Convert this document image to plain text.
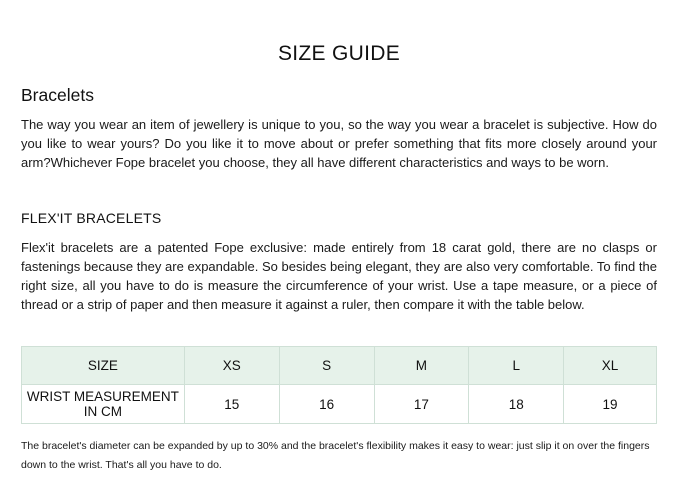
SIZE GUIDE
Bracelets
The way you wear an item of jewellery is unique to you, so the way you wear a bracelet is subjective. How do you like to wear yours? Do you like it to move about or prefer something that fits more closely around your arm?Whichever Fope bracelet you choose, they all have different characteristics and ways to be worn.
FLEX'IT BRACELETS
Flex'it bracelets are a patented Fope exclusive: made entirely from 18 carat gold, there are no clasps or fastenings because they are expandable. So besides being elegant, they are also very comfortable. To find the right size, all you have to do is measure the circumference of your wrist. Use a tape measure, or a piece of thread or a strip of paper and then measure it against a ruler, then compare it with the table below.
SIZE	XS	S	M	L	XL
WRIST MEASUREMENT IN CM	15	16	17	18	19
The bracelet's diameter can be expanded by up to 30% and the bracelet's flexibility makes it easy to wear: just slip it on over the fingers down to the wrist. That's all you have to do.
